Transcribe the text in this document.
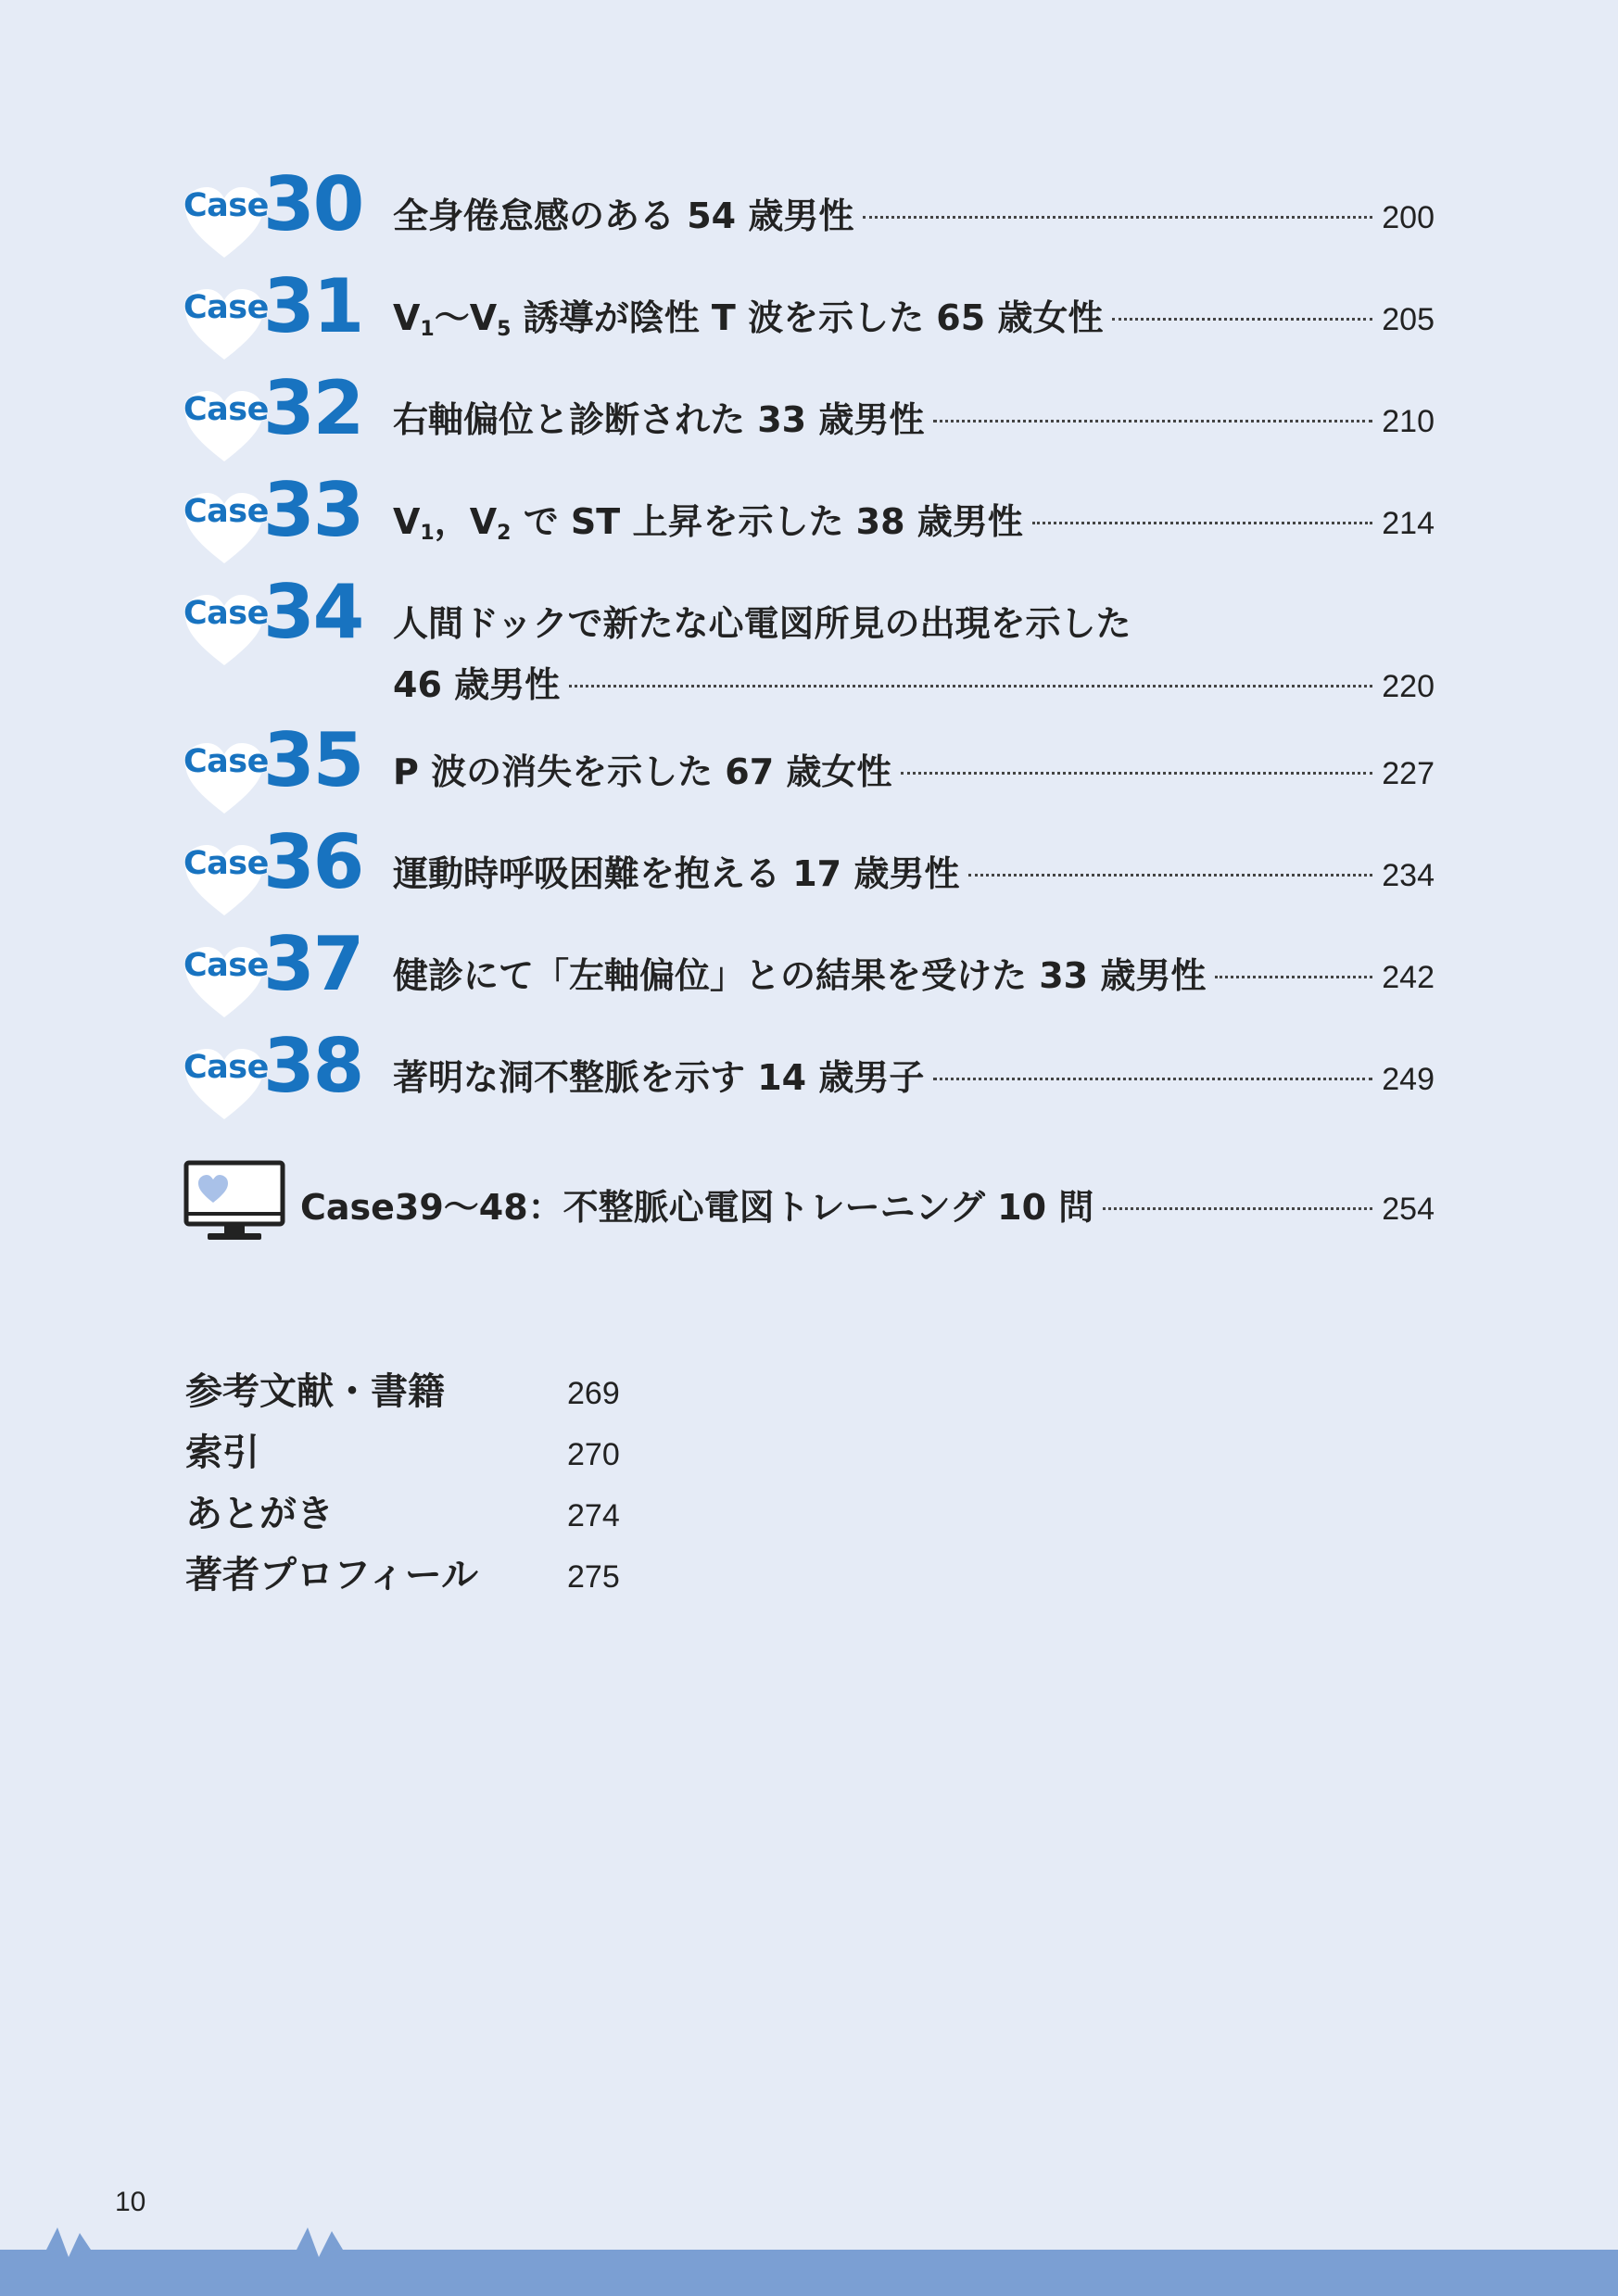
Case
30 全身倦怠感のある 54 歳男性	200
Case
31 $V_1$〜$V_5$ 誘導が陰性 T 波を示した 65 歳女性	205
Case
32 右軸偏位と診断された 33 歳男性	210
Case
33 $V_1$，$V_2$ で ST 上昇を示した 38 歳男性	214
Case
34 人間ドックで新たな心電図所見の出現を示した
46 歳男性	220
Case
35 P 波の消失を示した 67 歳女性	227
Case
36 運動時呼吸困難を抱える 17 歳男性	234
Case
37 健診にて「左軸偏位」との結果を受けた 33 歳男性	242
Case
38 著明な洞不整脈を示す 14 歳男子	249
Case39〜48：不整脈心電図トレーニング 10 問	254
参考文献・書籍	269
索引	270
あとがき	274
著者プロフィール	275
10
